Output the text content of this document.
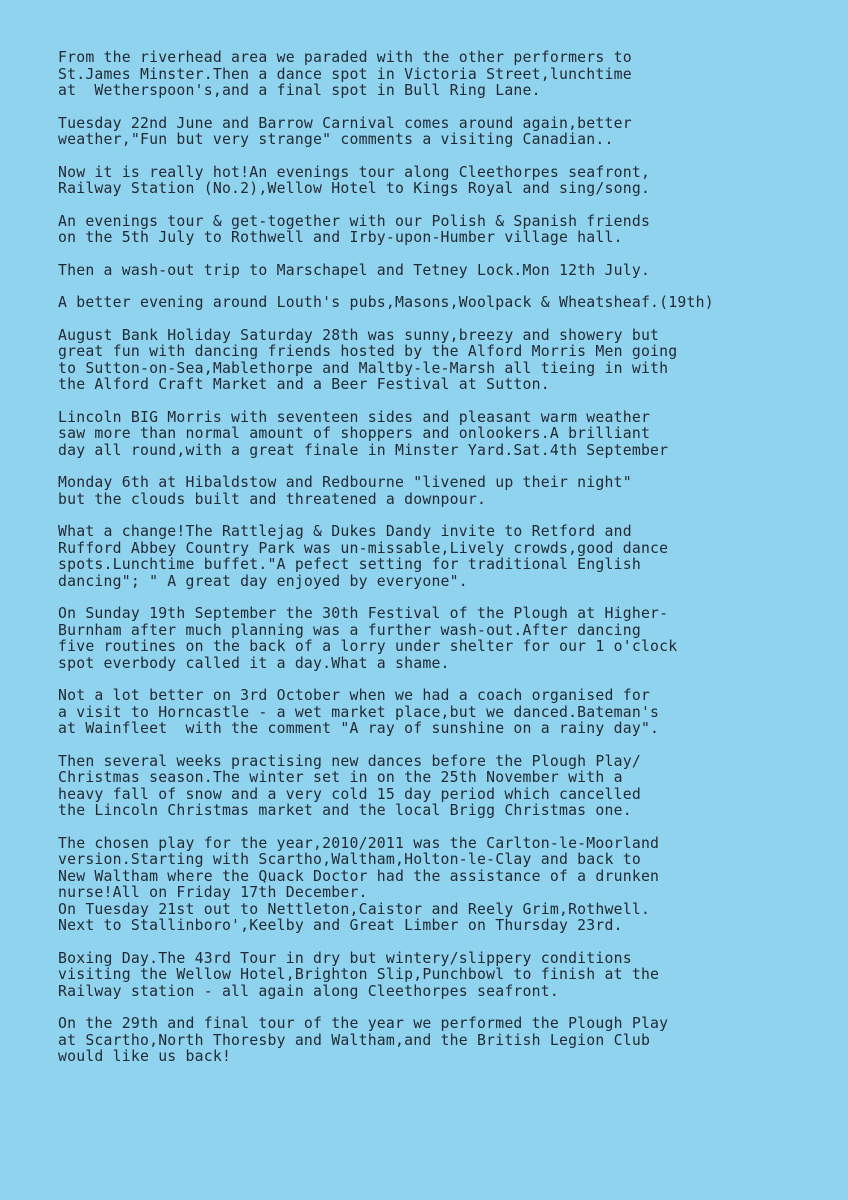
From the riverhead area we paraded with the other performers to
St.James Minster.Then a dance spot in Victoria Street,lunchtime
at  Wetherspoon's,and a final spot in Bull Ring Lane.
Tuesday 22nd June and Barrow Carnival comes around again,better
weather,"Fun but very strange" comments a visiting Canadian..
Now it is really hot!An evenings tour along Cleethorpes seafront,
Railway Station (No.2),Wellow Hotel to Kings Royal and sing/song.
An evenings tour & get-together with our Polish & Spanish friends
on the 5th July to Rothwell and Irby-upon-Humber village hall.
Then a wash-out trip to Marschapel and Tetney Lock.Mon 12th July.
A better evening around Louth's pubs,Masons,Woolpack & Wheatsheaf.(19th)
August Bank Holiday Saturday 28th was sunny,breezy and showery but
great fun with dancing friends hosted by the Alford Morris Men going
to Sutton-on-Sea,Mablethorpe and Maltby-le-Marsh all tieing in with
the Alford Craft Market and a Beer Festival at Sutton.
Lincoln BIG Morris with seventeen sides and pleasant warm weather
saw more than normal amount of shoppers and onlookers.A brilliant
day all round,with a great finale in Minster Yard.Sat.4th September
Monday 6th at Hibaldstow and Redbourne "livened up their night"
but the clouds built and threatened a downpour.
What a change!The Rattlejag & Dukes Dandy invite to Retford and
Rufford Abbey Country Park was un-missable,Lively crowds,good dance
spots.Lunchtime buffet."A pefect setting for traditional English
dancing"; " A great day enjoyed by everyone".
On Sunday 19th September the 30th Festival of the Plough at Higher-
Burnham after much planning was a further wash-out.After dancing
five routines on the back of a lorry under shelter for our 1 o'clock
spot everbody called it a day.What a shame.
Not a lot better on 3rd October when we had a coach organised for
a visit to Horncastle - a wet market place,but we danced.Bateman's
at Wainfleet  with the comment "A ray of sunshine on a rainy day".
Then several weeks practising new dances before the Plough Play/
Christmas season.The winter set in on the 25th November with a
heavy fall of snow and a very cold 15 day period which cancelled
the Lincoln Christmas market and the local Brigg Christmas one.
The chosen play for the year,2010/2011 was the Carlton-le-Moorland
version.Starting with Scartho,Waltham,Holton-le-Clay and back to
New Waltham where the Quack Doctor had the assistance of a drunken
nurse!All on Friday 17th December.
On Tuesday 21st out to Nettleton,Caistor and Reely Grim,Rothwell.
Next to Stallinboro',Keelby and Great Limber on Thursday 23rd.
Boxing Day.The 43rd Tour in dry but wintery/slippery conditions
visiting the Wellow Hotel,Brighton Slip,Punchbowl to finish at the
Railway station - all again along Cleethorpes seafront.
On the 29th and final tour of the year we performed the Plough Play
at Scartho,North Thoresby and Waltham,and the British Legion Club
would like us back!
